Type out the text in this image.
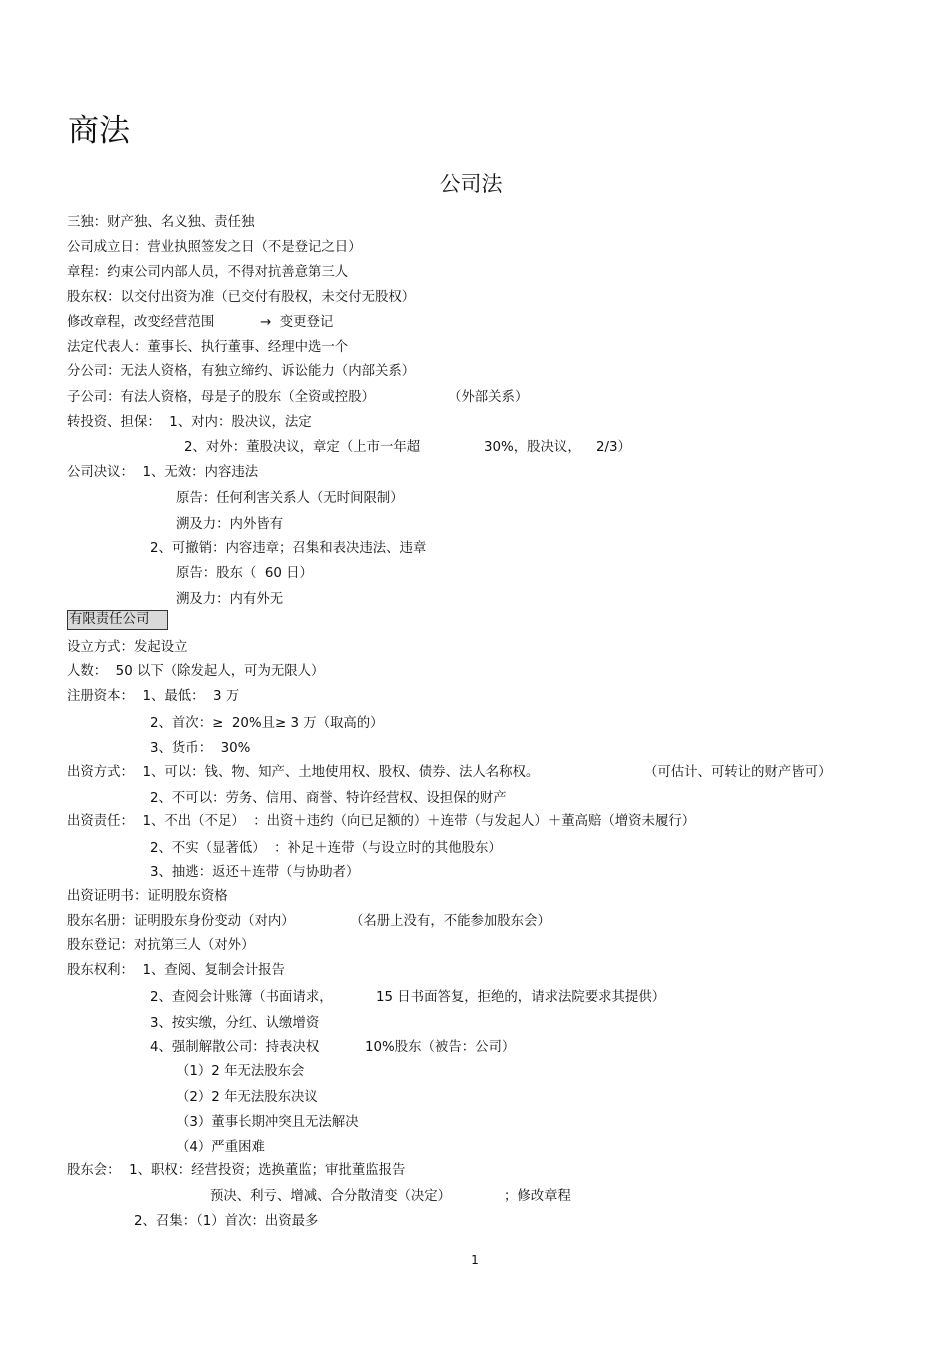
商法
公司法
三独：财产独、名义独、责任独
公司成立日：营业执照签发之日（不是登记之日）
章程：约束公司内部人员，不得对抗善意第三人
股东权：以交付出资为准（已交付有股权，未交付无股权）
修改章程，改变经营范围	→  变更登记
法定代表人：董事长、执行董事、经理中选一个
分公司：无法人资格，有独立缔约、诉讼能力（内部关系）
子公司：有法人资格，母是子的股东（全资或控股）	（外部关系）
转投资、担保：  1、对内：股决议，法定
2、对外：董股决议，章定（上市一年超	30%，股决议， 2/3）
公司决议：  1、无效：内容违法
原告：任何利害关系人（无时间限制）
溯及力：内外皆有
2、可撤销：内容违章；召集和表决违法、违章
原告：股东（  60 日）
溯及力：内有外无
有限责任公司
设立方式：发起设立
人数：  50 以下（除发起人，可为无限人）
注册资本：  1、最低：  3 万
2、首次：≥  20%且≥ 3 万（取高的）
3、货币：  30%
出资方式：  1、可以：钱、物、知产、土地使用权、股权、债券、法人名称权。	（可估计、可转让的财产皆可）
2、不可以：劳务、信用、商誉、特许经营权、设担保的财产
出资责任：  1、不出（不足）  ：出资＋违约（向已足额的）＋连带（与发起人）＋董高赔（增资未履行）
2、不实（显著低）  ：补足＋连带（与设立时的其他股东）
3、抽逃：返还＋连带（与协助者）
出资证明书：证明股东资格
股东名册：证明股东身份变动（对内）	（名册上没有，不能参加股东会）
股东登记：对抗第三人（对外）
股东权利：  1、查阅、复制会计报告
2、查阅会计账簿（书面请求，	15 日书面答复，拒绝的，请求法院要求其提供）
3、按实缴，分红、认缴增资
4、强制解散公司：持表决权	10%股东（被告：公司）
（1）2 年无法股东会
（2）2 年无法股东决议
（3）董事长期冲突且无法解决
（4）严重困难
股东会：  1、职权：经营投资；选换董监；审批董监报告
预决、利亏、增减、合分散清变（决定）	；修改章程
2、召集：（1）首次：出资最多
1
